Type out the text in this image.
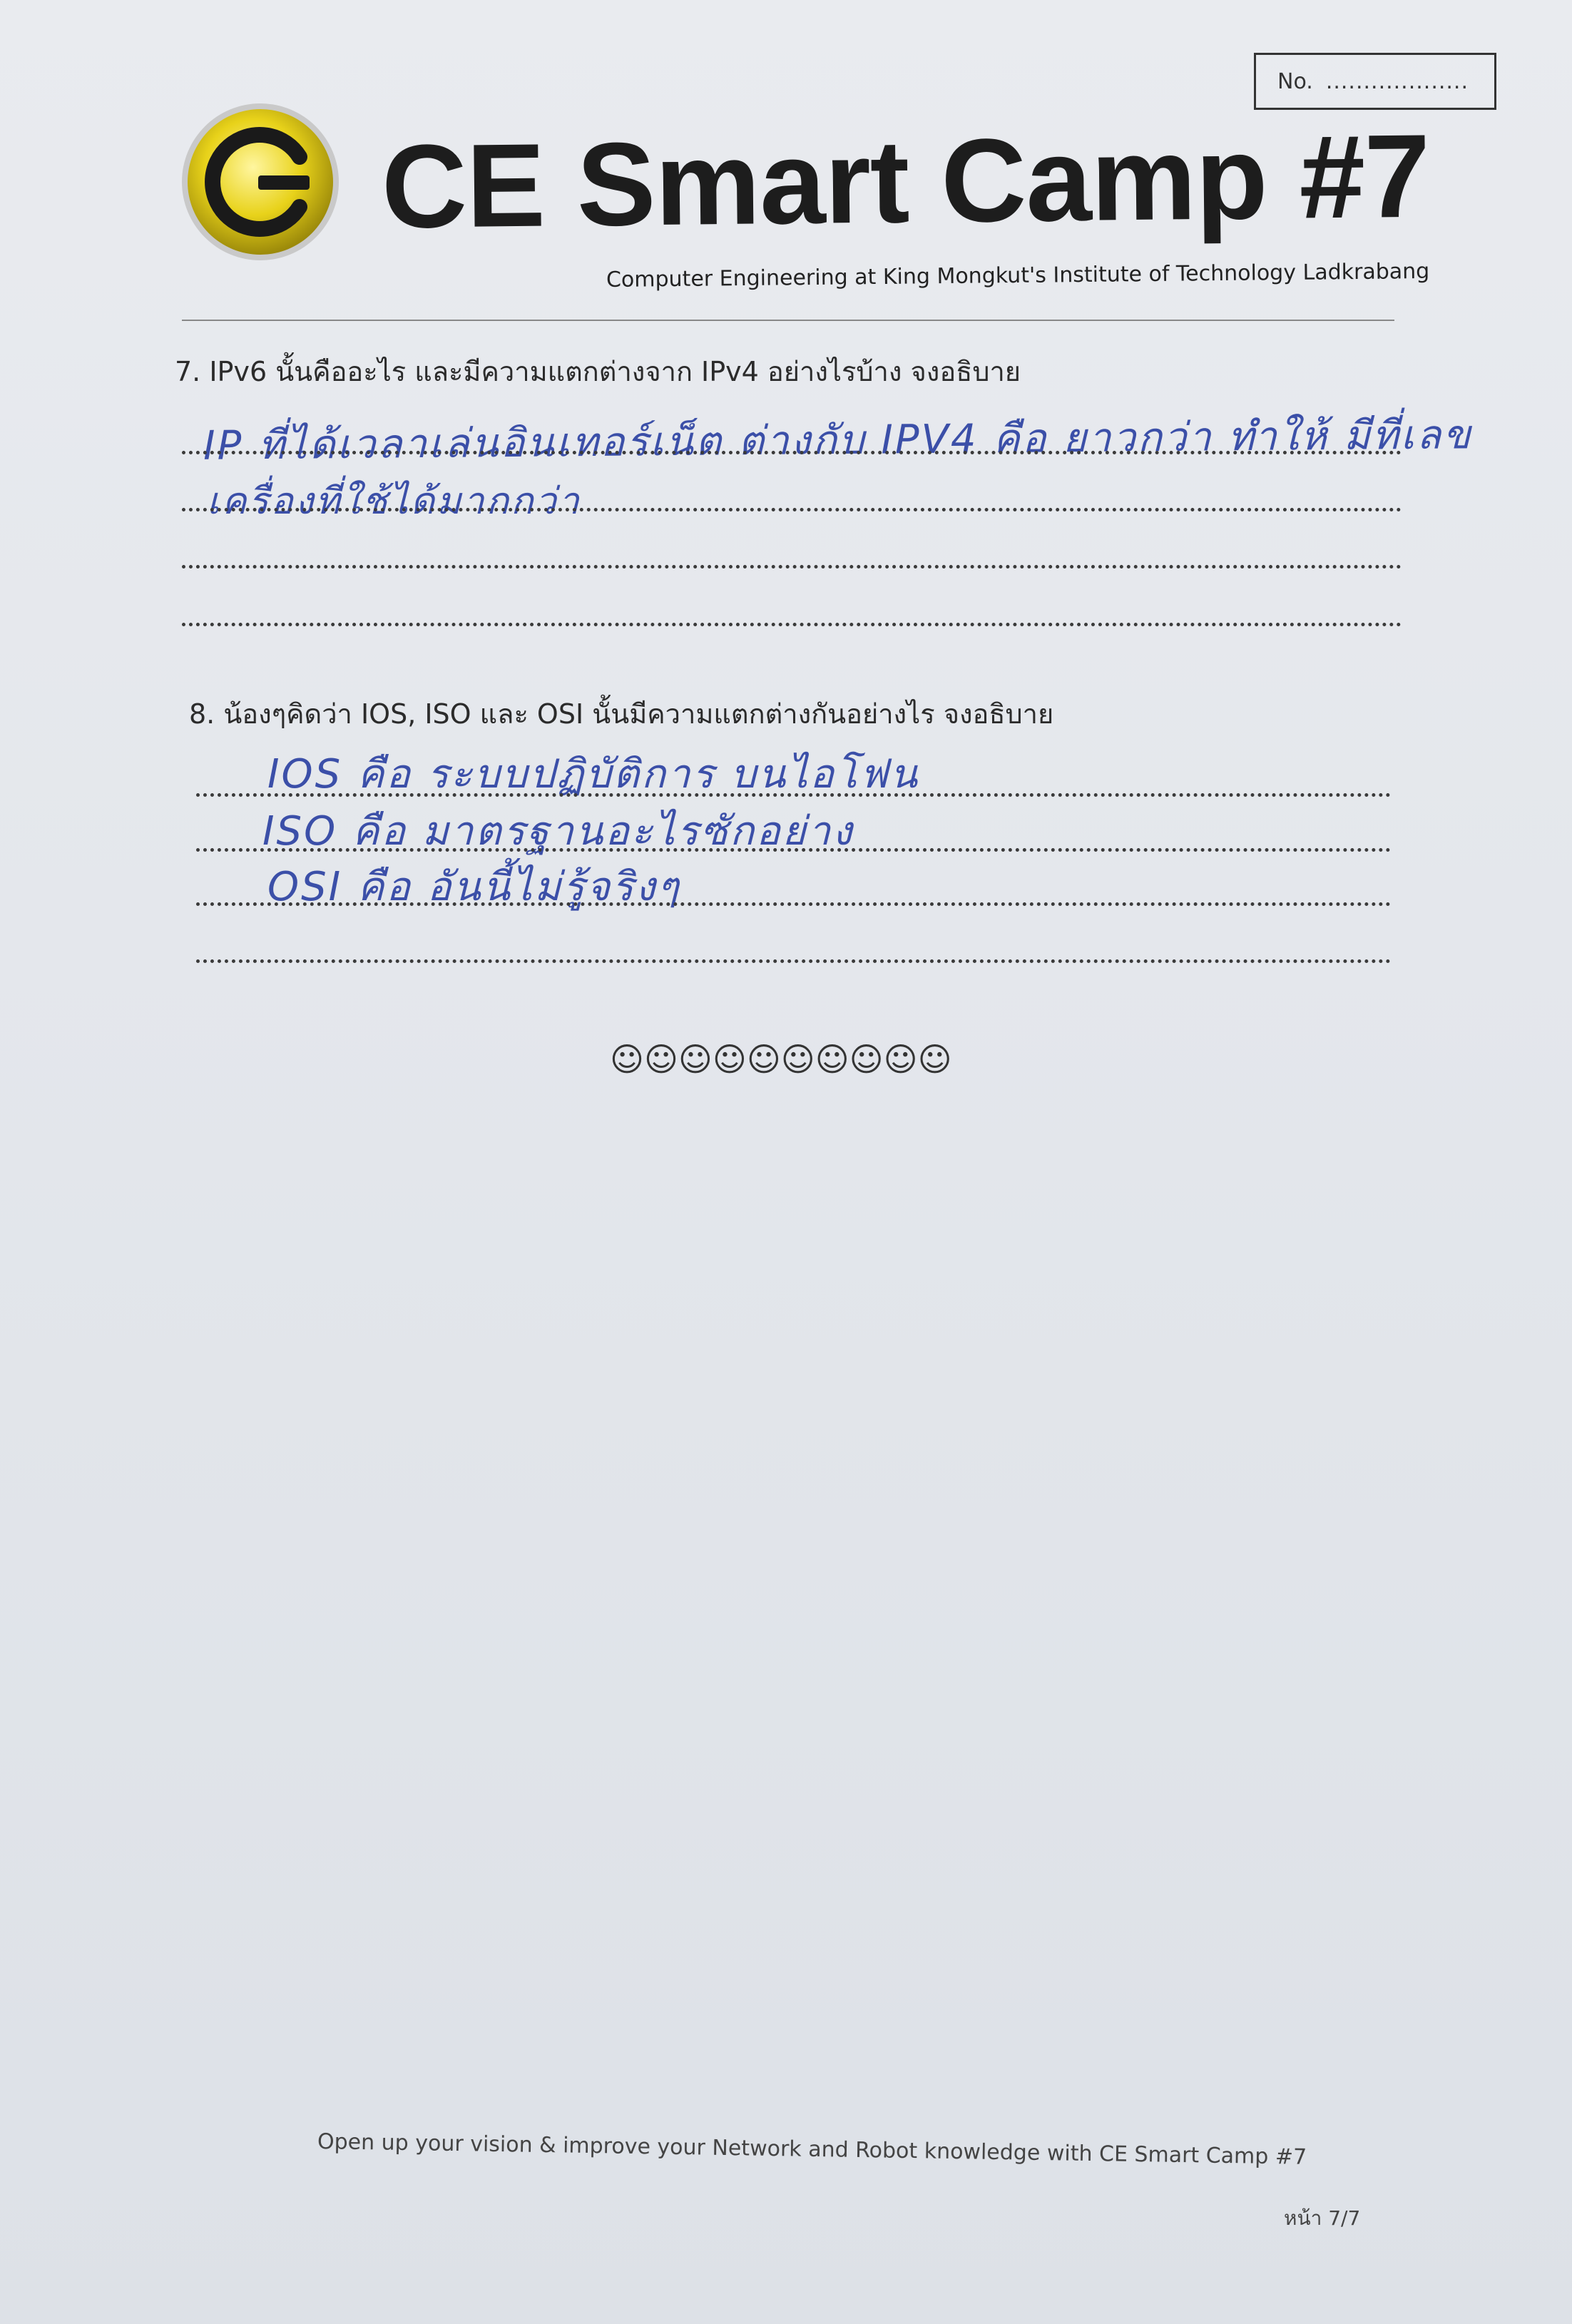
No. ...................
CE Smart Camp #7
Computer Engineering at King Mongkut's Institute of Technology Ladkrabang
7. IPv6 นั้นคืออะไร และมีความแตกต่างจาก IPv4 อย่างไรบ้าง จงอธิบาย
IP ที่ได้เวลาเล่นอินเทอร์เน็ต ต่างกับ IPV4 คือ ยาวกว่า ทำให้ มีที่เลข
เครื่องที่ใช้ได้มากกว่า
8. น้องๆคิดว่า IOS, ISO และ OSI นั้นมีความแตกต่างกันอย่างไร จงอธิบาย
IOS คือ ระบบปฏิบัติการ บนไอโฟน
ISO คือ มาตรฐานอะไรซักอย่าง
OSI คือ อันนี้ไม่รู้จริงๆ
☺☺☺☺☺☺☺☺☺☺
Open up your vision & improve your Network and Robot knowledge with CE Smart Camp #7
หน้า 7/7
